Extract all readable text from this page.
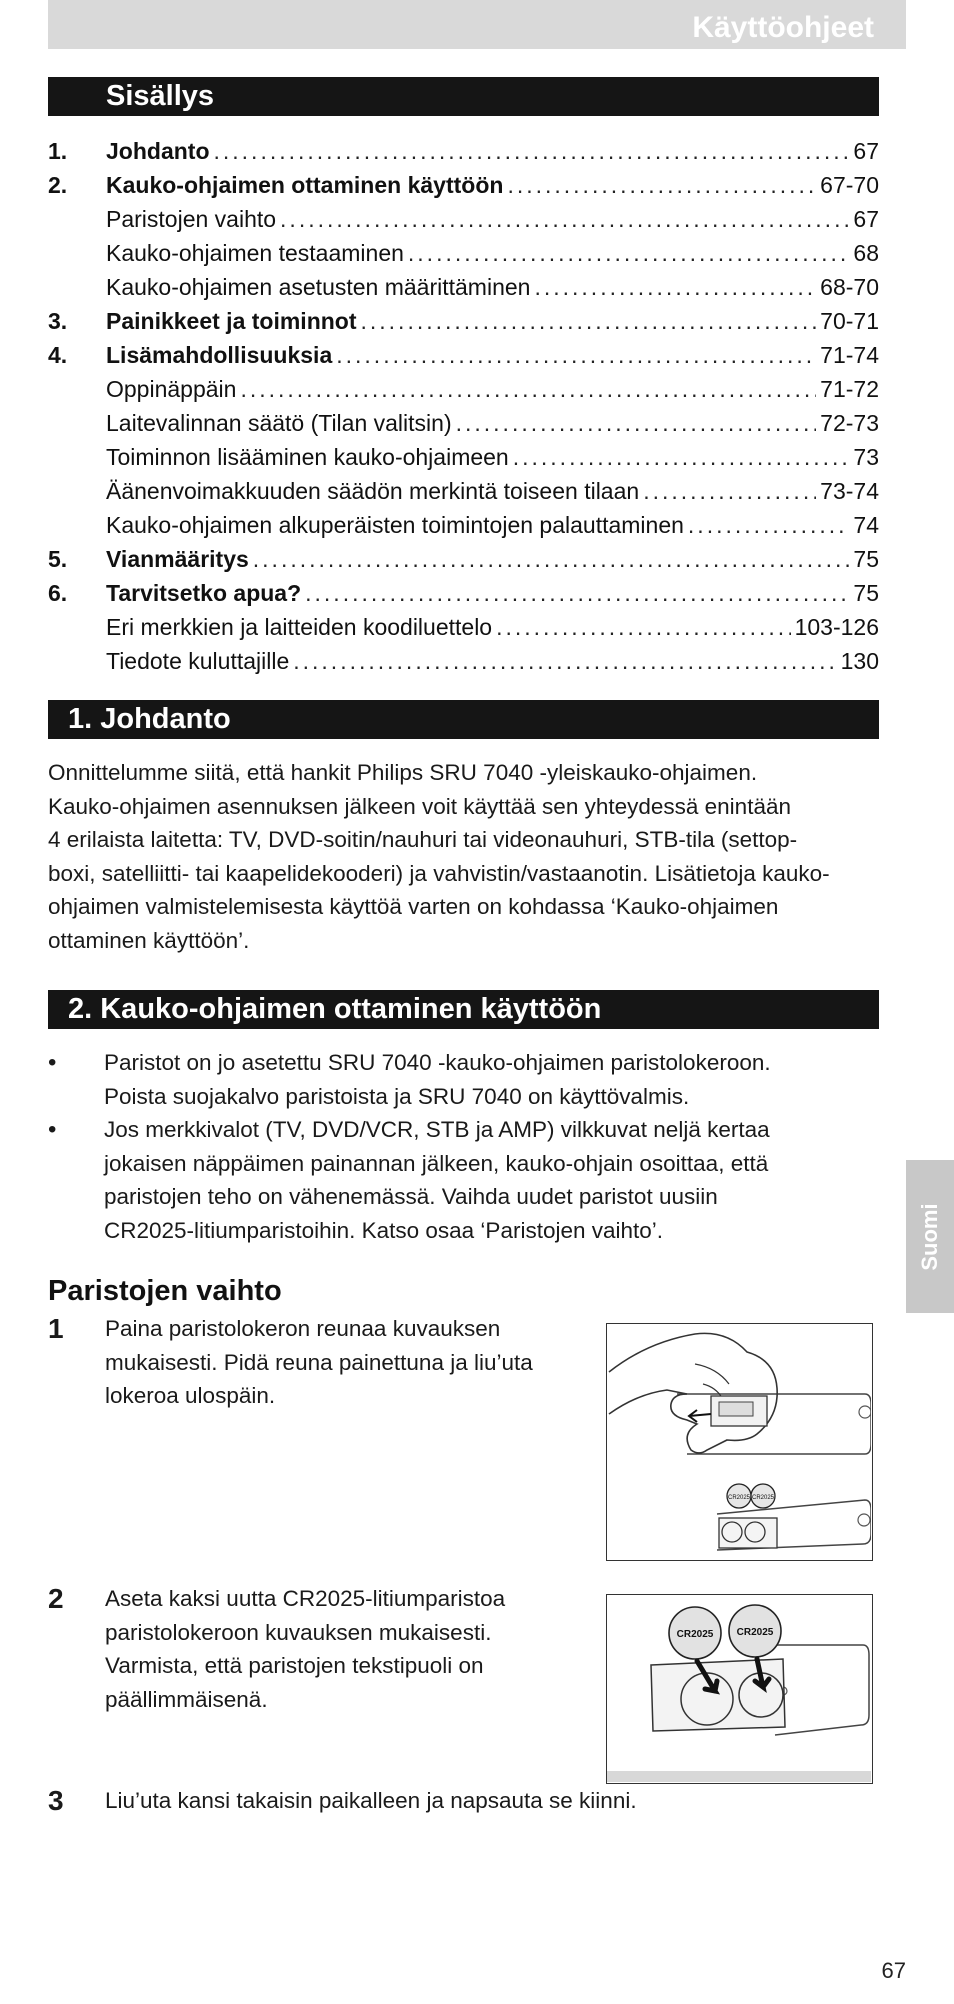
Käyttöohjeet
Sisällys
1.	Johdanto .....	67
2.	Kauko-ohjaimen ottaminen käyttöön .....	67-70
Paristojen vaihto .....	67
Kauko-ohjaimen testaaminen .....	68
Kauko-ohjaimen asetusten määrittäminen .....	68-70
3.	Painikkeet ja toiminnot .....	70-71
4.	Lisämahdollisuuksia .....	71-74
Oppinäppäin .....	71-72
Laitevalinnan säätö (Tilan valitsin) .....	72-73
Toiminnon lisääminen kauko-ohjaimeen .....	73
Äänenvoimakkuuden säädön merkintä toiseen tilaan .....	73-74
Kauko-ohjaimen alkuperäisten toimintojen palauttaminen .....	74
5.	Vianmääritys .....	75
6.	Tarvitsetko apua? .....	75
Eri merkkien ja laitteiden koodiluettelo .....	103-126
Tiedote kuluttajille .....	130
1. Johdanto
Onnittelumme siitä, että hankit Philips SRU 7040 -yleiskauko-ohjaimen.
Kauko-ohjaimen asennuksen jälkeen voit käyttää sen yhteydessä enintään
4 erilaista laitetta: TV, DVD-soitin/nauhuri tai videonauhuri, STB-tila (settop-
boxi, satelliitti- tai kaapelidekooderi) ja vahvistin/vastaanotin. Lisätietoja kauko-
ohjaimen valmistelemisesta käyttöä varten on kohdassa ‘Kauko-ohjaimen
ottaminen käyttöön’.
2. Kauko-ohjaimen ottaminen käyttöön
• Paristot on jo asetettu SRU 7040 -kauko-ohjaimen paristolokeroon.
Poista suojakalvo paristoista ja SRU 7040 on käyttövalmis.
• Jos merkkivalot (TV, DVD/VCR, STB ja AMP) vilkkuvat neljä kertaa
jokaisen näppäimen painannan jälkeen, kauko-ohjain osoittaa, että
paristojen teho on vähenemässä. Vaihda uudet paristot uusiin
CR2025-litiumparistoihin. Katso osaa ‘Paristojen vaihto’.	Suomi
Paristojen vaihto
1 Paina paristolokeron reunaa kuvauksen
mukaisesti. Pidä reuna painettuna ja liu’uta
lokeroa ulospäin.
2 Aseta kaksi uutta CR2025-litiumparistoa
paristolokeroon kuvauksen mukaisesti.
Varmista, että paristojen tekstipuoli on
päällimmäisenä.
3 Liu’uta kansi takaisin paikalleen ja napsauta se kiinni.
CR2025 CR2025
CR2025 CR2025
67
